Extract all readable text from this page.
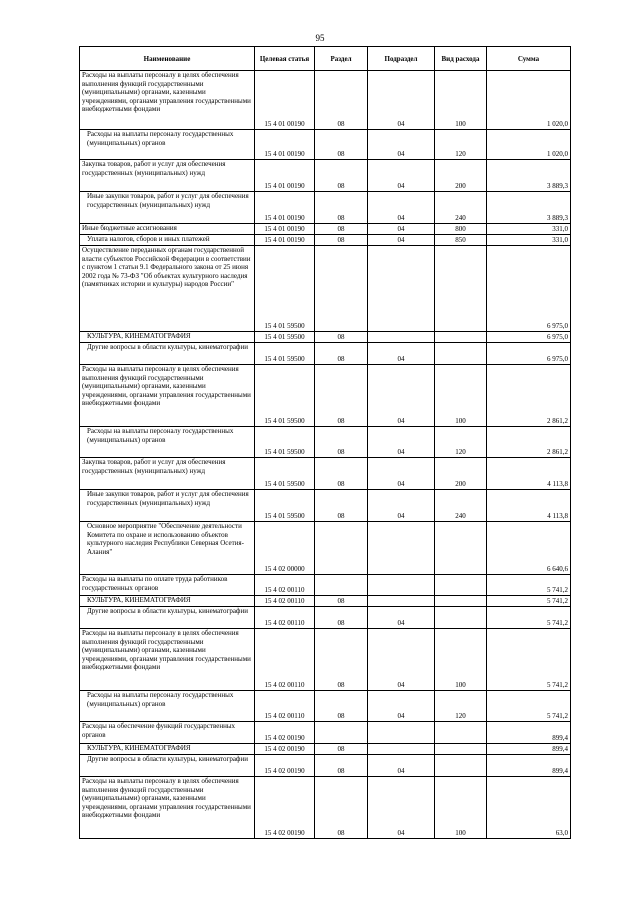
95
Наименование	Целевая статья	Раздел	Подраздел	Вид расхода	Сумма
Расходы на выплаты персоналу в целях обеспечения выполнения функций государственными (муниципальными) органами, казенными учреждениями, органами управления государственными внебюджетными фондами	15 4 01 00190	08	04	100	1 020,0
Расходы на выплаты персоналу государственных (муниципальных) органов	15 4 01 00190	08	04	120	1 020,0
Закупка товаров, работ и услуг для обеспечения государственных (муниципальных) нужд	15 4 01 00190	08	04	200	3 889,3
Иные закупки товаров, работ и услуг для обеспечения государственных (муниципальных) нужд	15 4 01 00190	08	04	240	3 889,3
Иные бюджетные ассигнования	15 4 01 00190	08	04	800	331,0
Уплата налогов, сборов и иных платежей	15 4 01 00190	08	04	850	331,0
Осуществление переданных органам государственной власти субъектов Российской Федерации в соответствии с пунктом 1 статьи 9.1 Федерального закона от 25 июня 2002 года № 73-ФЗ "Об объектах культурного наследия (памятниках истории и культуры) народов России"	15 4 01 59500				6 975,0
КУЛЬТУРА, КИНЕМАТОГРАФИЯ	15 4 01 59500	08			6 975,0
Другие вопросы в области культуры, кинематографии	15 4 01 59500	08	04		6 975,0
Расходы на выплаты персоналу в целях обеспечения выполнения функций государственными (муниципальными) органами, казенными учреждениями, органами управления государственными внебюджетными фондами	15 4 01 59500	08	04	100	2 861,2
Расходы на выплаты персоналу государственных (муниципальных) органов	15 4 01 59500	08	04	120	2 861,2
Закупка товаров, работ и услуг для обеспечения государственных (муниципальных) нужд	15 4 01 59500	08	04	200	4 113,8
Иные закупки товаров, работ и услуг для обеспечения государственных (муниципальных) нужд	15 4 01 59500	08	04	240	4 113,8
Основное мероприятие "Обеспечение деятельности Комитета по охране и использованию объектов культурного наследия Республики Северная Осетия-Алания"	15 4 02 00000				6 640,6
Расходы на выплаты по оплате труда работников государственных органов	15 4 02 00110				5 741,2
КУЛЬТУРА, КИНЕМАТОГРАФИЯ	15 4 02 00110	08			5 741,2
Другие вопросы в области культуры, кинематографии	15 4 02 00110	08	04		5 741,2
Расходы на выплаты персоналу в целях обеспечения выполнения функций государственными (муниципальными) органами, казенными учреждениями, органами управления государственными внебюджетными фондами	15 4 02 00110	08	04	100	5 741,2
Расходы на выплаты персоналу государственных (муниципальных) органов	15 4 02 00110	08	04	120	5 741,2
Расходы на обеспечение функций государственных органов	15 4 02 00190				899,4
КУЛЬТУРА, КИНЕМАТОГРАФИЯ	15 4 02 00190	08			899,4
Другие вопросы в области культуры, кинематографии	15 4 02 00190	08	04		899,4
Расходы на выплаты персоналу в целях обеспечения выполнения функций государственными (муниципальными) органами, казенными учреждениями, органами управления государственными внебюджетными фондами	15 4 02 00190	08	04	100	63,0
